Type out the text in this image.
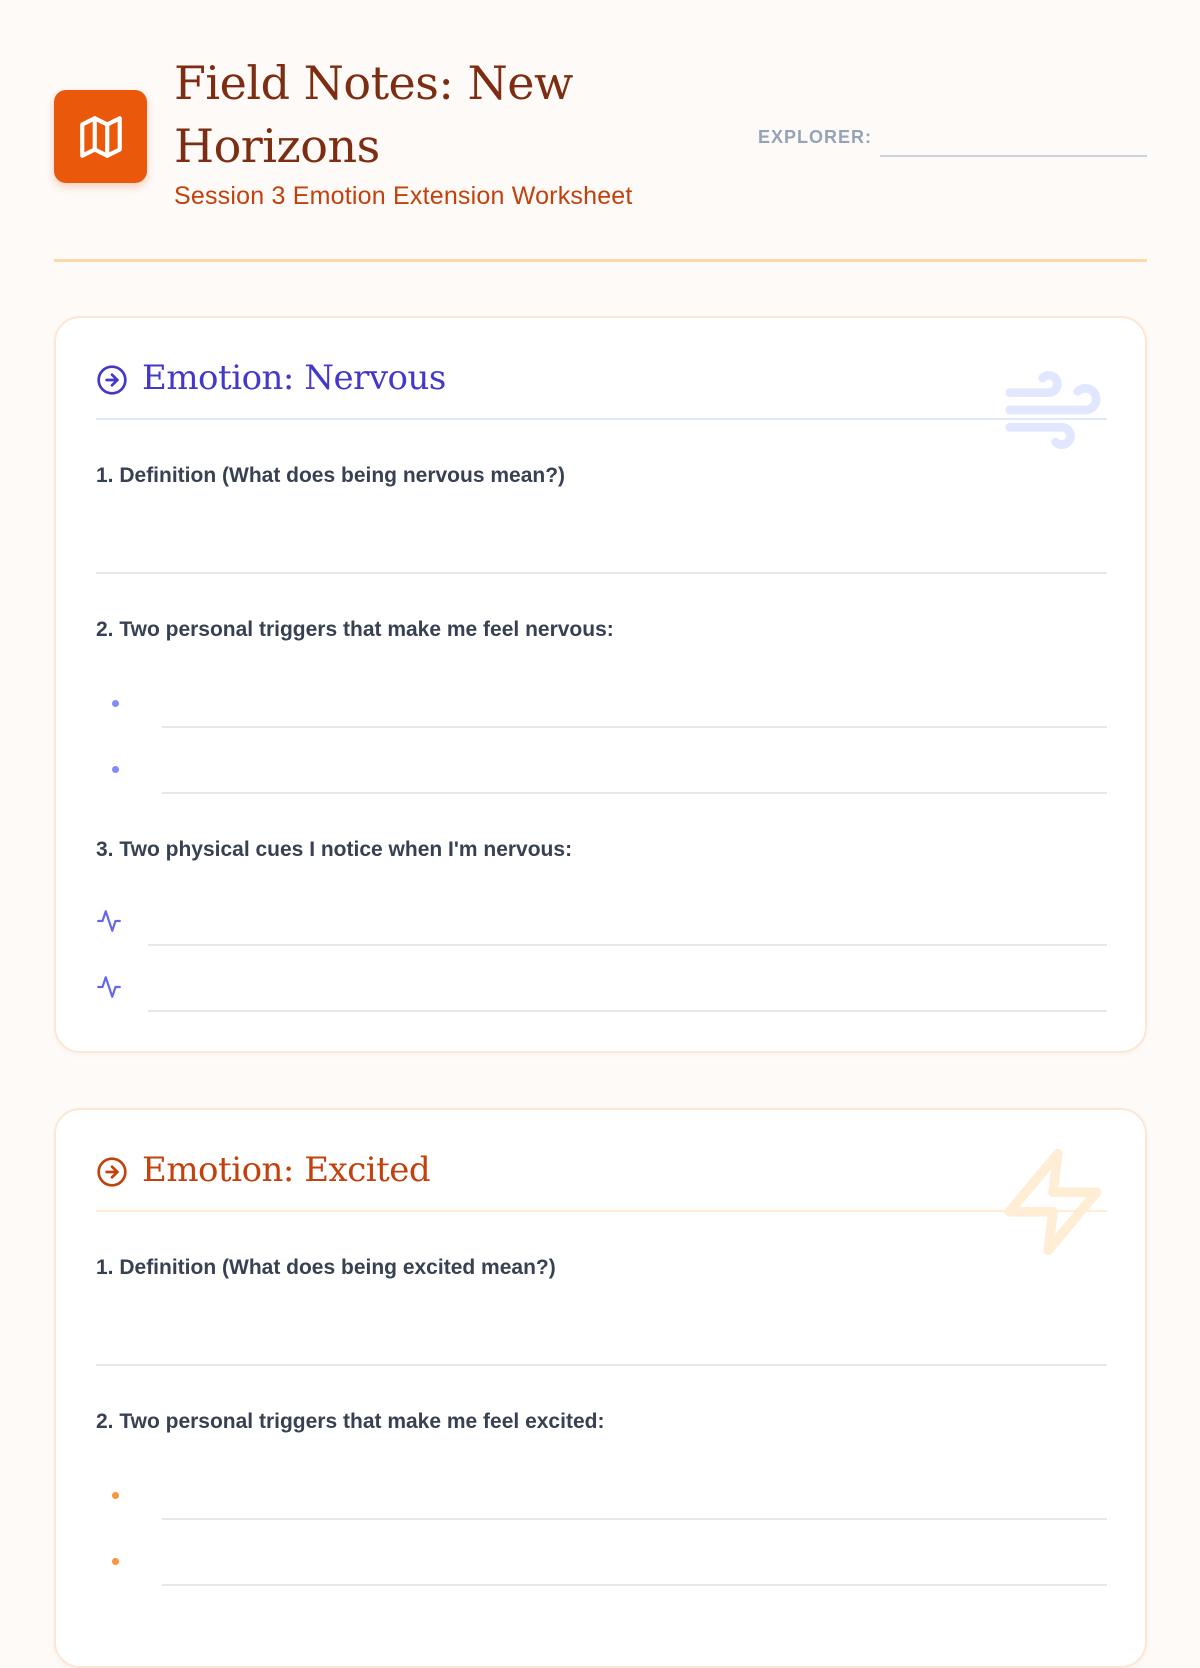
Field Notes: New Horizons
Session 3 Emotion Extension Worksheet
EXPLORER:
Emotion: Nervous
1. Definition (What does being nervous mean?)
2. Two personal triggers that make me feel nervous:
3. Two physical cues I notice when I'm nervous:
Emotion: Excited
1. Definition (What does being excited mean?)
2. Two personal triggers that make me feel excited:
